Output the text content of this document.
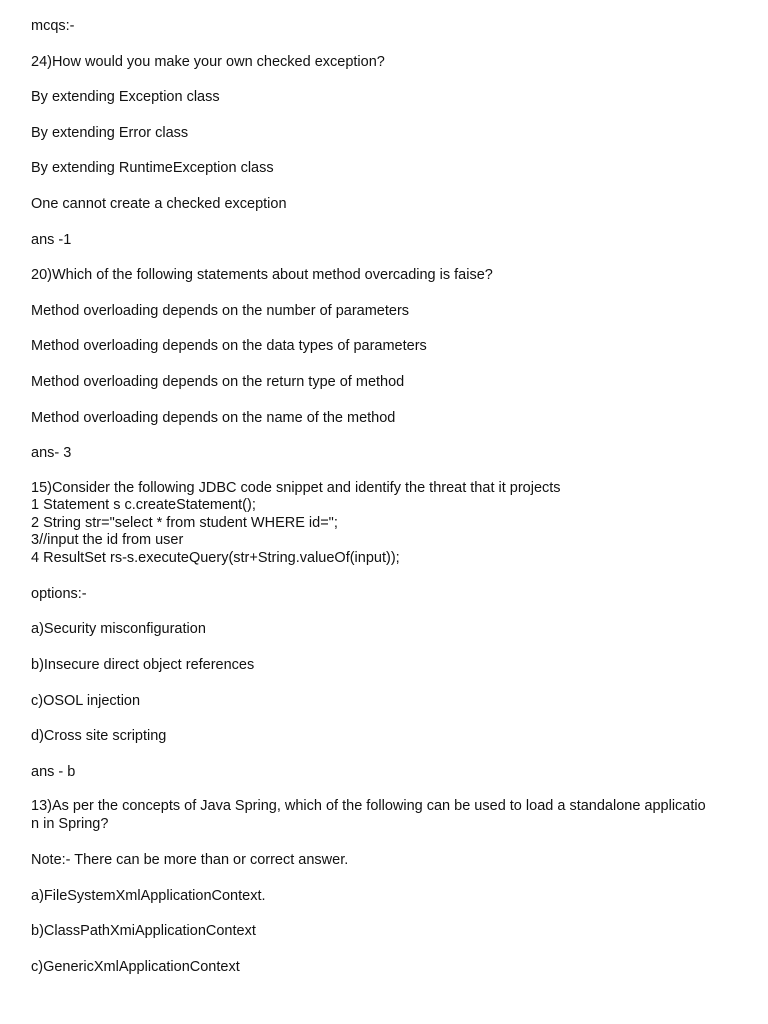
mcqs:-

24)How would you make your own checked exception?

By extending Exception class

By extending Error class

By extending RuntimeException class

One cannot create a checked exception

ans -1

20)Which of the following statements about method overcading is faise?

Method overloading depends on the number of parameters

Method overloading depends on the data types of parameters

Method overloading depends on the return type of method

Method overloading depends on the name of the method

ans- 3

15)Consider the following JDBC code snippet and identify the threat that it projects
1 Statement s c.createStatement();
2 String str="select * from student WHERE id=";
3//input the id from user
4 ResultSet rs-s.executeQuery(str+String.valueOf(input));

options:-

a)Security misconfiguration

b)Insecure direct object references

c)OSOL injection

d)Cross site scripting

ans - b

13)As per the concepts of Java Spring, which of the following can be used to load a standalone applicatio
n in Spring?

Note:- There can be more than or correct answer.

a)FileSystemXmlApplicationContext.

b)ClassPathXmiApplicationContext

c)GenericXmlApplicationContext
